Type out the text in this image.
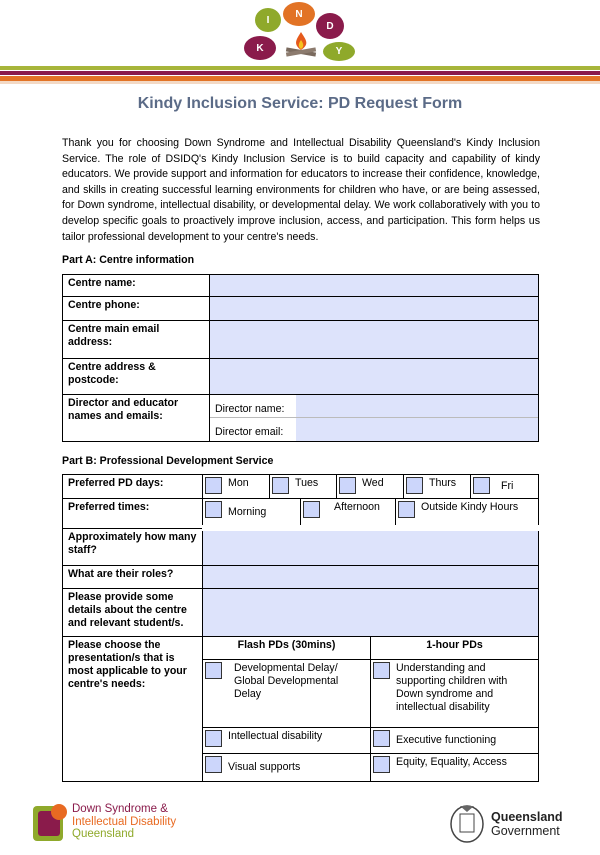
I
N
D
K	Y
Kindy Inclusion Service: PD Request Form

Thank you for choosing Down Syndrome and Intellectual Disability Queensland's Kindy Inclusion Service. The role of DSIDQ's Kindy Inclusion Service is to build capacity and capability of kindy educators. We provide support and information for educators to increase their confidence, knowledge, and skills in creating successful learning environments for children who have, or are being assessed, for Down syndrome, intellectual disability, or developmental delay. We work collaboratively with you to develop specific goals to proactively improve inclusion, access, and participation. This form helps us tailor professional development to your centre's needs.

Part A: Centre information
Centre name:	
Centre phone:	
Centre main email address:	
Centre address & postcode:	
Director and educator names and emails:	Director name:
Director email:
Part B: Professional Development Service
Preferred PD days:	Mon Tues Wed Thurs Fri	

Preferred times:	Morning Afternoon Outside Kindy Hours	

Approximately how many staff?		
What are their roles?		
Please provide some details about the centre and relevant student/s.		
Please choose the presentation/s that is most applicable to your centre's needs:	Flash PDs (30mins)	1-hour PDs

	Developmental Delay/ Global Developmental Delay	Understanding and supporting children with Down syndrome and intellectual disability

	Intellectual disability	Executive functioning

	Visual supports	Equity, Equality, Access
Down Syndrome &
Intellectual Disability
Queensland
Queensland
Government
